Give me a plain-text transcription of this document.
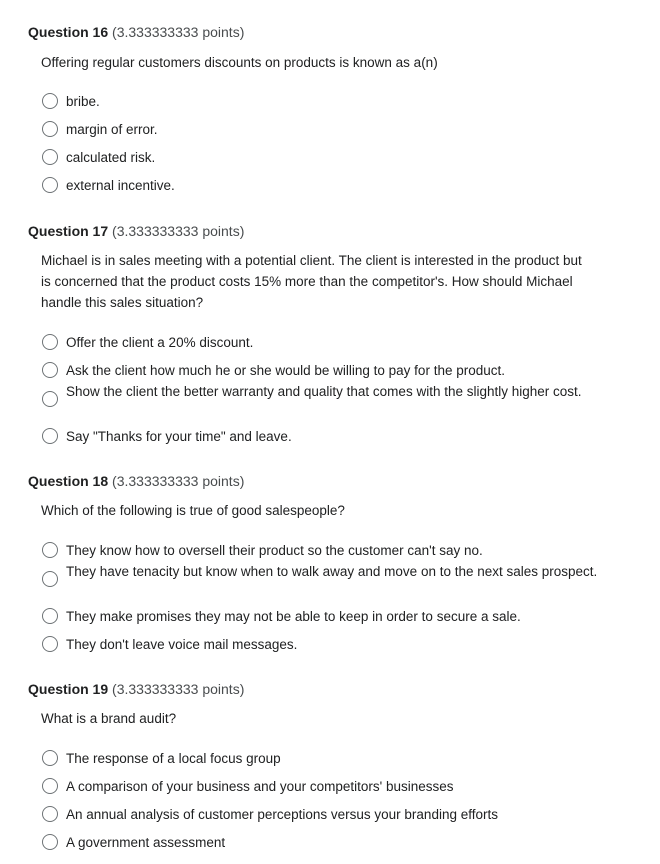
Question 16 (3.333333333 points)
Offering regular customers discounts on products is known as a(n)
bribe.
margin of error.
calculated risk.
external incentive.
Question 17 (3.333333333 points)
Michael is in sales meeting with a potential client. The client is interested in the product but is concerned that the product costs 15% more than the competitor's. How should Michael handle this sales situation?
Offer the client a 20% discount.
Ask the client how much he or she would be willing to pay for the product.
Show the client the better warranty and quality that comes with the slightly higher cost.
Say "Thanks for your time" and leave.
Question 18 (3.333333333 points)
Which of the following is true of good salespeople?
They know how to oversell their product so the customer can't say no.
They have tenacity but know when to walk away and move on to the next sales prospect.
They make promises they may not be able to keep in order to secure a sale.
They don't leave voice mail messages.
Question 19 (3.333333333 points)
What is a brand audit?
The response of a local focus group
A comparison of your business and your competitors' businesses
An annual analysis of customer perceptions versus your branding efforts
A government assessment
